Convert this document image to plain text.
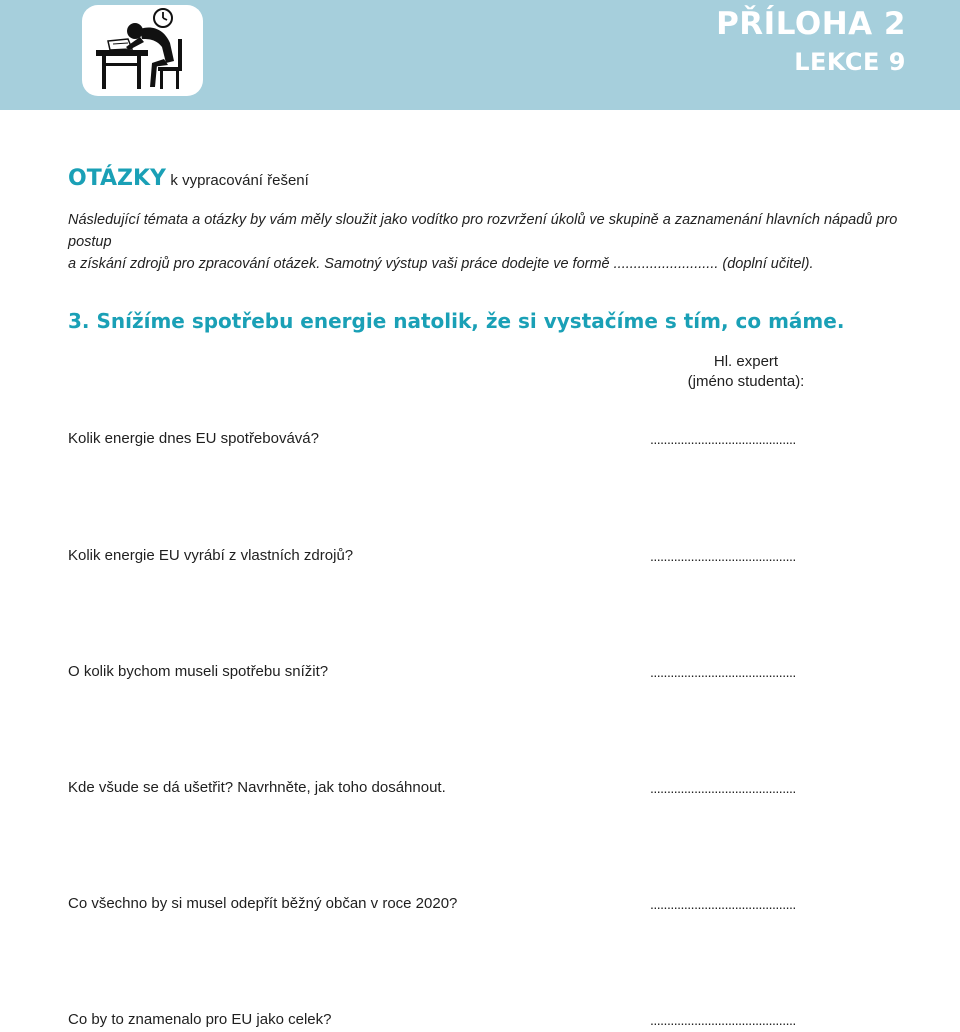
PŘÍLOHA 2
LEKCE 9
OTÁZKY k vypracování řešení
Následující témata a otázky by vám měly sloužit jako vodítko pro rozvržení úkolů ve skupině a zaznamenání hlavních nápadů pro postup
a získání zdrojů pro zpracování otázek. Samotný výstup vaši práce dodejte ve formě .......................... (doplní učitel).
3. Snížíme spotřebu energie natolik, že si vystačíme s tím, co máme.
Hl. expert
(jméno studenta):
Kolik energie dnes EU spotřebovává?	...........................................
Kolik energie EU vyrábí z vlastních zdrojů?	...........................................
O kolik bychom museli spotřebu snížit?	...........................................
Kde všude se dá ušetřit? Navrhněte, jak toho dosáhnout.	...........................................
Co všechno by si musel odepřít běžný občan v roce 2020?	...........................................
Co by to znamenalo pro EU jako celek?	...........................................
